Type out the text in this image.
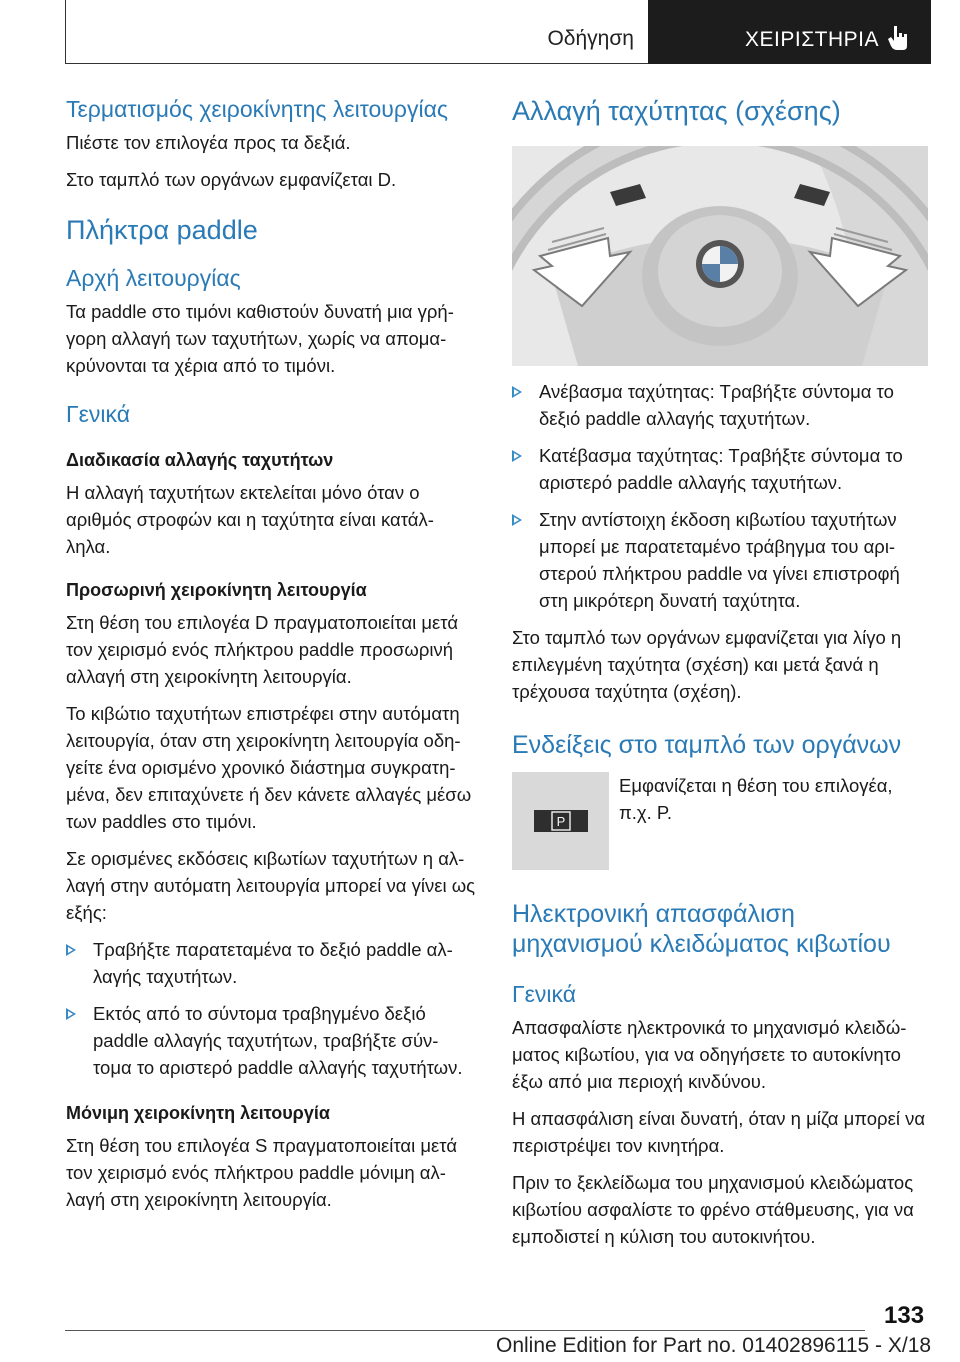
Οδήγηση	ΧΕΙΡΙΣΤΗΡΙΑ
Τερματισμός χειροκίνητης λειτουργίας

Πιέστε τον επιλογέα προς τα δεξιά.

Στο ταμπλό των οργάνων εμφανίζεται D.

Πλήκτρα paddle
Αρχή λειτουργίας

Τα paddle στο τιμόνι καθιστούν δυνατή μια γρή- γορη αλλαγή των ταχυτήτων, χωρίς να απομα- κρύνονται τα χέρια από το τιμόνι.

Γενικά
Διαδικασία αλλαγής ταχυτήτων

Η αλλαγή ταχυτήτων εκτελείται μόνο όταν ο αριθμός στροφών και η ταχύτητα είναι κατάλ- ληλα.

Προσωρινή χειροκίνητη λειτουργία

Στη θέση του επιλογέα D πραγματοποιείται μετά τον χειρισμό ενός πλήκτρου paddle προσωρινή αλλαγή στη χειροκίνητη λειτουργία.

Το κιβώτιο ταχυτήτων επιστρέφει στην αυτόματη λειτουργία, όταν στη χειροκίνητη λειτουργία οδη- γείτε ένα ορισμένο χρονικό διάστημα συγκρατη- μένα, δεν επιταχύνετε ή δεν κάνετε αλλαγές μέσω των paddles στο τιμόνι.

Σε ορισμένες εκδόσεις κιβωτίων ταχυτήτων η αλ- λαγή στην αυτόματη λειτουργία μπορεί να γίνει ως εξής:

Τραβήξτε παρατεταμένα το δεξιό paddle αλ- λαγής ταχυτήτων.
Εκτός από το σύντομα τραβηγμένο δεξιό paddle αλλαγής ταχυτήτων, τραβήξτε σύν- τομα το αριστερό paddle αλλαγής ταχυτήτων.
Μόνιμη χειροκίνητη λειτουργία

Στη θέση του επιλογέα S πραγματοποιείται μετά τον χειρισμό ενός πλήκτρου paddle μόνιμη αλ- λαγή στη χειροκίνητη λειτουργία.

Αλλαγή ταχύτητας (σχέσης)
Ανέβασμα ταχύτητας: Τραβήξτε σύντομα το δεξιό paddle αλλαγής ταχυτήτων.
Κατέβασμα ταχύτητας: Τραβήξτε σύντομα το αριστερό paddle αλλαγής ταχυτήτων.
Στην αντίστοιχη έκδοση κιβωτίου ταχυτήτων μπορεί με παρατεταμένο τράβηγμα του αρι- στερού πλήκτρου paddle να γίνει επιστροφή στη μικρότερη δυνατή ταχύτητα.

Στο ταμπλό των οργάνων εμφανίζεται για λίγο η επιλεγμένη ταχύτητα (σχέση) και μετά ξανά η τρέχουσα ταχύτητα (σχέση).

Ενδείξεις στο ταμπλό των οργάνων
P

Εμφανίζεται η θέση του επιλογέα, π.χ. P.

Ηλεκτρονική απασφάλιση μηχανισμού κλειδώματος κιβωτίου
Γενικά

Απασφαλίστε ηλεκτρονικά το μηχανισμό κλειδώ- ματος κιβωτίου, για να οδηγήσετε το αυτοκίνητο έξω από μια περιοχή κινδύνου.

Η απασφάλιση είναι δυνατή, όταν η μίζα μπορεί να περιστρέψει τον κινητήρα.

Πριν το ξεκλείδωμα του μηχανισμού κλειδώματος κιβωτίου ασφαλίστε το φρένο στάθμευσης, για να εμποδιστεί η κύλιση του αυτοκινήτου.

133
Online Edition for Part no. 01402896115 - X/18
